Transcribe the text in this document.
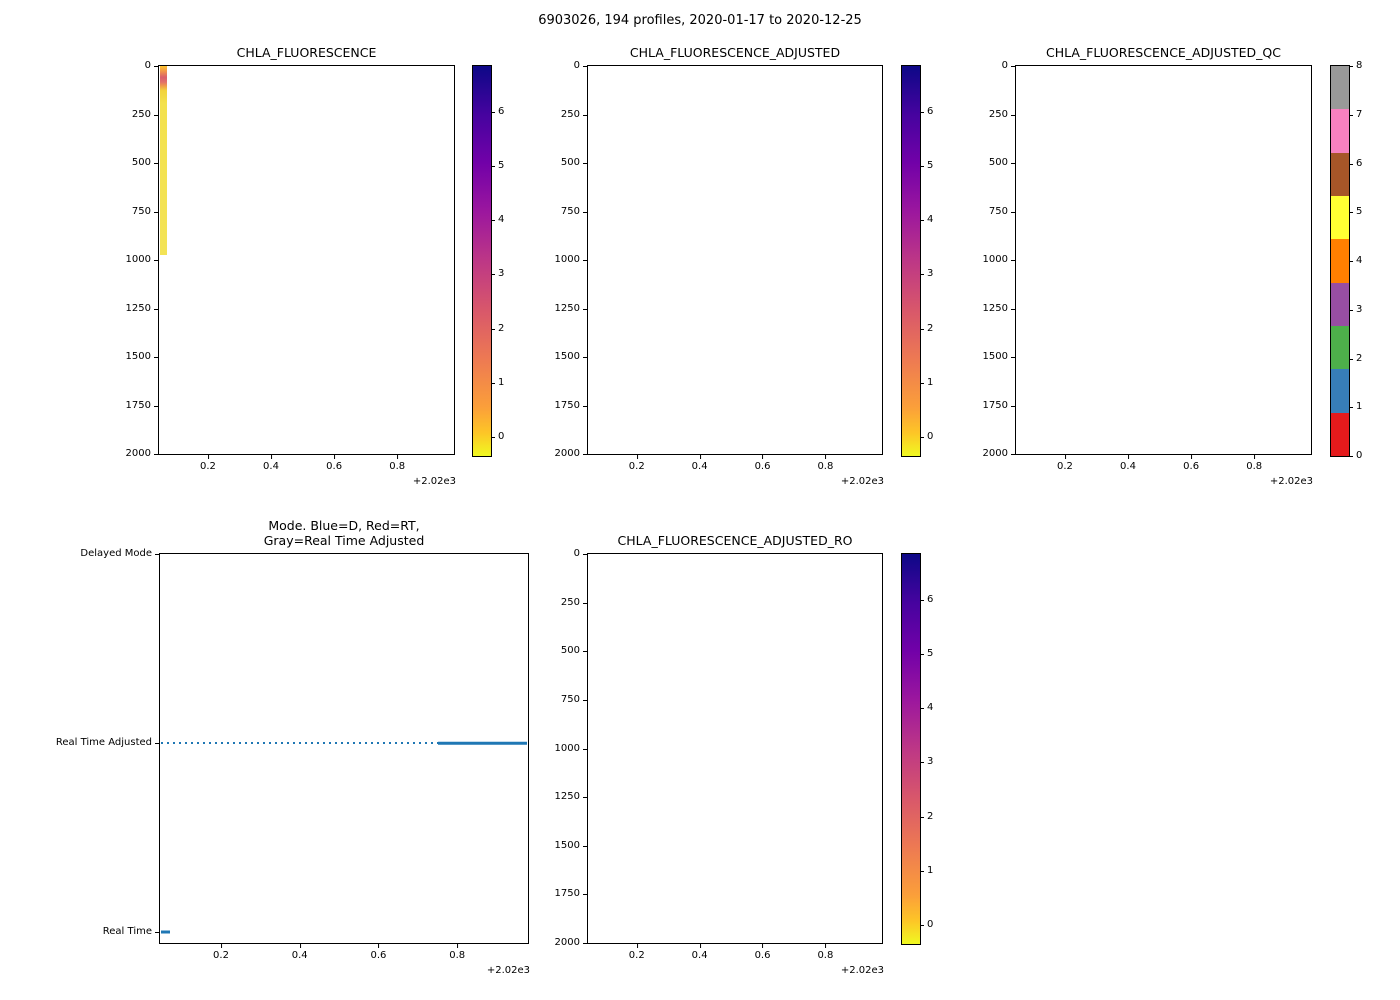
6903026, 194 profiles, 2020-01-17 to 2020-12-25
CHLA_FLUORESCENCE
0
250
500
750
1000
1250
1500
1750
2000
0.2	0.4	0.6	0.8
+2.02e3
6
5
4
3
2
1
0
CHLA_FLUORESCENCE_ADJUSTED
0
250
500
750
1000
1250
1500
1750
2000
0.2	0.4	0.6	0.8
+2.02e3
6
5
4
3
2
1
0
CHLA_FLUORESCENCE_ADJUSTED_QC
0
250
500
750
1000
1250
1500
1750
2000
0.2	0.4	0.6	0.8
+2.02e3
8
7
6
5
4
3
2
1
0
Mode. Blue=D, Red=RT,
Gray=Real Time Adjusted
Delayed Mode
Real Time Adjusted
Real Time
0.2	0.4	0.6	0.8
+2.02e3
CHLA_FLUORESCENCE_ADJUSTED_RO
0
250
500
750
1000
1250
1500
1750
2000
0.2	0.4	0.6	0.8
+2.02e3
6
5
4
3
2
1
0
